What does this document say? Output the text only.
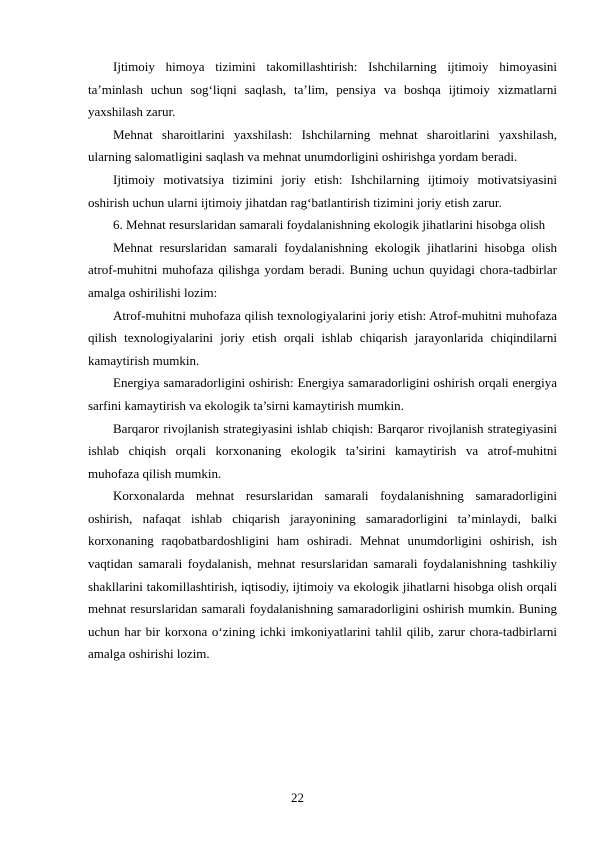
Ijtimoiy himoya tizimini takomillashtirish: Ishchilarning ijtimoiy himoyasini ta’minlash uchun sog‘liqni saqlash, ta’lim, pensiya va boshqa ijtimoiy xizmatlarni yaxshilash zarur.

Mehnat sharoitlarini yaxshilash: Ishchilarning mehnat sharoitlarini yaxshilash, ularning salomatligini saqlash va mehnat unumdorligini oshirishga yordam beradi.

Ijtimoiy motivatsiya tizimini joriy etish: Ishchilarning ijtimoiy motivatsiyasini oshirish uchun ularni ijtimoiy jihatdan rag‘batlantirish tizimini joriy etish zarur.

6. Mehnat resurslaridan samarali foydalanishning ekologik jihatlarini hisobga olish

Mehnat resurslaridan samarali foydalanishning ekologik jihatlarini hisobga olish atrof-muhitni muhofaza qilishga yordam beradi. Buning uchun quyidagi chora-tadbirlar amalga oshirilishi lozim:

Atrof-muhitni muhofaza qilish texnologiyalarini joriy etish: Atrof-muhitni muhofaza qilish texnologiyalarini joriy etish orqali ishlab chiqarish jarayonlarida chiqindilarni kamaytirish mumkin.

Energiya samaradorligini oshirish: Energiya samaradorligini oshirish orqali energiya sarfini kamaytirish va ekologik ta’sirni kamaytirish mumkin.

Barqaror rivojlanish strategiyasini ishlab chiqish: Barqaror rivojlanish strategiyasini ishlab chiqish orqali korxonaning ekologik ta’sirini kamaytirish va atrof-muhitni muhofaza qilish mumkin.

Korxonalarda mehnat resurslaridan samarali foydalanishning samaradorligini oshirish, nafaqat ishlab chiqarish jarayonining samaradorligini ta’minlaydi, balki korxonaning raqobatbardoshligini ham oshiradi. Mehnat unumdorligini oshirish, ish vaqtidan samarali foydalanish, mehnat resurslaridan samarali foydalanishning tashkiliy shakllarini takomillashtirish, iqtisodiy, ijtimoiy va ekologik jihatlarni hisobga olish orqali mehnat resurslaridan samarali foydalanishning samaradorligini oshirish mumkin. Buning uchun har bir korxona o‘zining ichki imkoniyatlarini tahlil qilib, zarur chora-tadbirlarni amalga oshirishi lozim.

22
